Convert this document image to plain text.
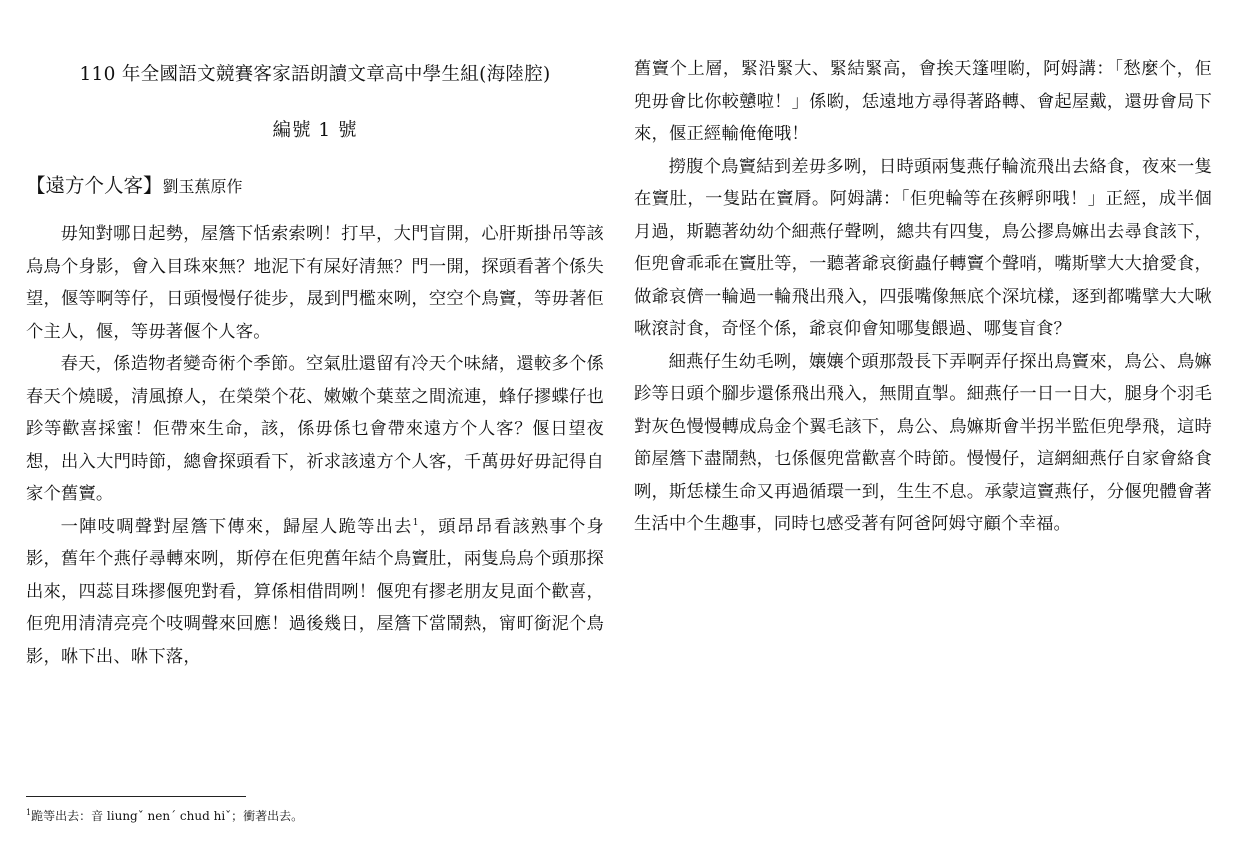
110 年全國語文競賽客家語朗讀文章高中學生組(海陸腔)
編號 1 號
【遠方个人客】劉玉蕉原作

毋知對哪日起勢，屋簷下恬索索咧！打早，大門盲開，心肝斯掛吊等該烏鳥个身影，會入目珠來無？地泥下有屎好清無？門一開，探頭看著个係失望，偃等啊等仔，日頭慢慢仔徙步，晟到門檻來咧，空空个鳥竇，等毋著佢个主人，偃，等毋著偃个人客。

春天，係造物者變奇術个季節。空氣肚還留有冷天个味緒，還較多个係春天个燒暖，清風撩人，在榮榮个花、嫩嫩个葉莖之間流連，蜂仔摎蝶仔也跈等歡喜採蜜！佢帶來生命，該，係毋係乜會帶來遠方个人客？偃日望夜想，出入大門時節，總會探頭看下，祈求該遠方个人客，千萬毋好毋記得自家个舊竇。

一陣吱啁聲對屋簷下傳來，歸屋人跪等出去$^1$，頭昂昂看該熟事个身影，舊年个燕仔尋轉來咧，斯停在佢兜舊年結个鳥竇肚，兩隻烏烏个頭那探出來，四蕊目珠摎偃兜對看，算係相借問咧！偃兜有摎老朋友見面个歡喜，佢兜用清清亮亮个吱啁聲來回應！過後幾日，屋簷下當鬧熱，甯町銜泥个鳥影，咻下出、咻下落，

舊竇个上層，緊沿緊大、緊結緊高，會挨天篷哩喲，阿姆講：「愁麼个，佢兜毋會比你較戇啦！」係喲，恁遠地方尋得著路轉、會起屋戴，還毋會局下來，偃正經輸俺俺哦！

撈腹个鳥竇結到差毋多咧，日時頭兩隻燕仔輪流飛出去絡食，夜來一隻在竇肚，一隻跍在竇脣。阿姆講：「佢兜輪等在孩孵卵哦！」正經，成半個月過，斯聽著幼幼个細燕仔聲咧，總共有四隻，鳥公摎鳥嫲出去尋食該下，佢兜會乖乖在竇肚等，一聽著爺哀銜蟲仔轉竇个聲哨，嘴斯擘大大搶愛食，做爺哀儕一輪過一輪飛出飛入，四張嘴像無底个深坑樣，逐到都嘴擘大大啾啾滾討食，奇怪个係，爺哀仰會知哪隻餵過、哪隻盲食？

細燕仔生幼毛咧，孃孃个頭那殼長下弄啊弄仔探出鳥竇來，鳥公、鳥嫲跈等日頭个腳步還係飛出飛入，無閒直掣。細燕仔一日一日大，腿身个羽毛對灰色慢慢轉成烏金个翼毛該下，鳥公、鳥嫲斯會半拐半監佢兜學飛，這時節屋簷下盡鬧熱，乜係偃兜當歡喜个時節。慢慢仔，這網細燕仔自家會絡食咧，斯恁樣生命又再過循環一到，生生不息。承蒙這竇燕仔，分偃兜體會著生活中个生趣事，同時乜感受著有阿爸阿姆守顧个幸福。

$^1$跪等出去：音 liungˇ nenˊ chud hiˇ；衝著出去。
